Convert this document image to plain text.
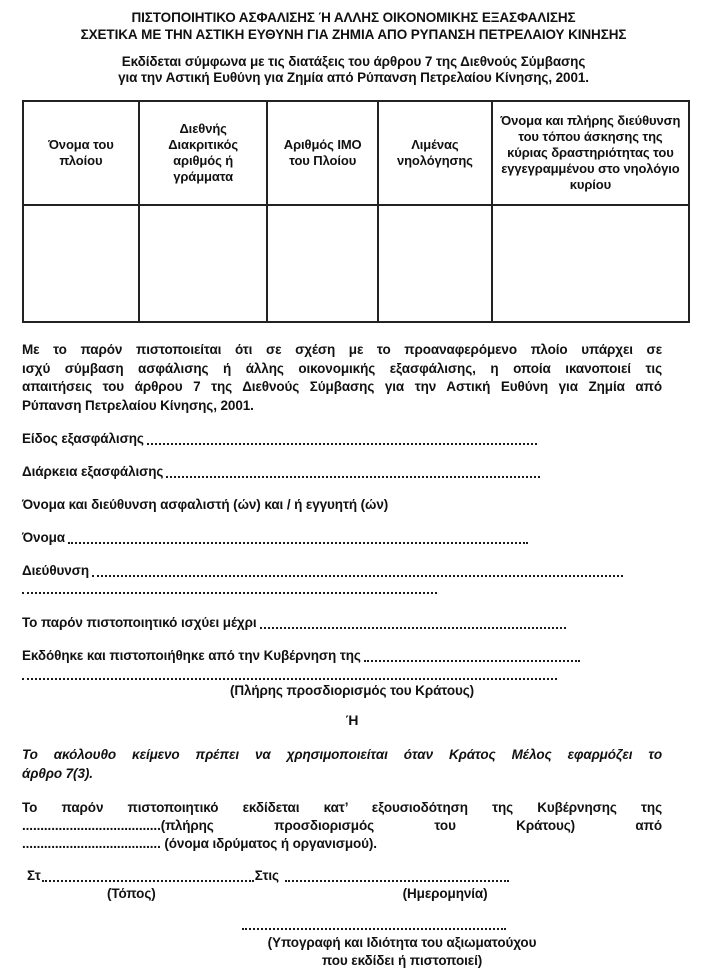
ΠΙΣΤΟΠΟΙΗΤΙΚΟ ΑΣΦΑΛΙΣΗΣ Ή ΑΛΛΗΣ ΟΙΚΟΝΟΜΙΚΗΣ ΕΞΑΣΦΑΛΙΣΗΣ
ΣΧΕΤΙΚΑ ΜΕ ΤΗΝ ΑΣΤΙΚΗ ΕΥΘΥΝΗ ΓΙΑ ΖΗΜΙΑ ΑΠΟ ΡΥΠΑΝΣΗ ΠΕΤΡΕΛΑΙΟΥ ΚΙΝΗΣΗΣ
Εκδίδεται σύμφωνα με τις διατάξεις του άρθρου 7 της Διεθνούς Σύμβασης
για την Αστική Ευθύνη για Ζημία από Ρύπανση Πετρελαίου Κίνησης, 2001.
Όνομα του πλοίου	Διεθνής Διακριτικός αριθμός ή γράμματα	Αριθμός ΙΜΟ του Πλοίου	Λιμένας νηολόγησης	Όνομα και πλήρης διεύθυνση του τόπου άσκησης της κύριας δραστηριότητας του εγγεγραμμένου στο νηολόγιο κυρίου

Με το παρόν πιστοποιείται ότι σε σχέση με το προαναφερόμενο πλοίο υπάρχει σε
ισχύ σύμβαση ασφάλισης ή άλλης οικονομικής εξασφάλισης, η οποία ικανοποιεί τις
απαιτήσεις του άρθρου 7 της Διεθνούς Σύμβασης για την Αστική Ευθύνη για Ζημία από
Ρύπανση Πετρελαίου Κίνησης, 2001.
Είδος εξασφάλισης
Διάρκεια εξασφάλισης
Όνομα και διεύθυνση ασφαλιστή (ών) και / ή εγγυητή (ών)
Όνομα
Διεύθυνση
Το παρόν πιστοποιητικό ισχύει μέχρι
Εκδόθηκε και πιστοποιήθηκε από την Κυβέρνηση της
(Πλήρης προσδιορισμός του Κράτους)
Ή
Το ακόλουθο κείμενο πρέπει να χρησιμοποιείται όταν Κράτος Μέλος εφαρμόζει το
άρθρο 7(3).
Το παρόν πιστοποιητικό εκδίδεται κατ’ εξουσιοδότηση της Κυβέρνησης της
......................................(πλήρης προσδιορισμός του Κράτους) από
...................................... (όνομα ιδρύματος ή οργανισμού).
Στ	Στις
(Τόπος)	(Ημερομηνία)
(Υπογραφή και Ιδιότητα του αξιωματούχου
που εκδίδει ή πιστοποιεί)
